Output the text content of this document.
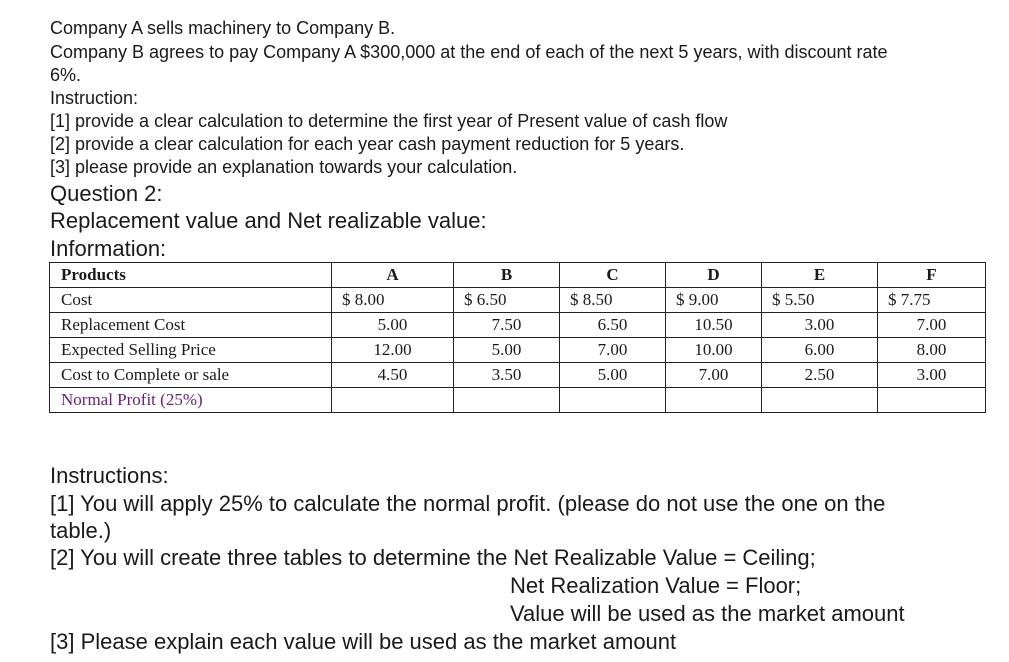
Company A sells machinery to Company B.

Company B agrees to pay Company A $300,000 at the end of each of the next 5 years, with discount rate

6%.

Instruction:

[1] provide a clear calculation to determine the first year of Present value of cash flow

[2] provide a clear calculation for each year cash payment reduction for 5 years.

[3] please provide an explanation towards your calculation.

Question 2:

Replacement value and Net realizable value:

Information:

Products	A	B	C	D	E	F
Cost	$ 8.00	$ 6.50	$ 8.50	$ 9.00	$ 5.50	$ 7.75
Replacement Cost	5.00	7.50	6.50	10.50	3.00	7.00
Expected Selling Price	12.00	5.00	7.00	10.00	6.00	8.00
Cost to Complete or sale	4.50	3.50	5.00	7.00	2.50	3.00
Normal Profit (25%)						

Instructions:

[1] You will apply 25% to calculate the normal profit. (please do not use the one on the

table.)

[2] You will create three tables to determine the Net Realizable Value = Ceiling;

Net Realization Value = Floor;

Value will be used as the market amount

[3] Please explain each value will be used as the market amount
